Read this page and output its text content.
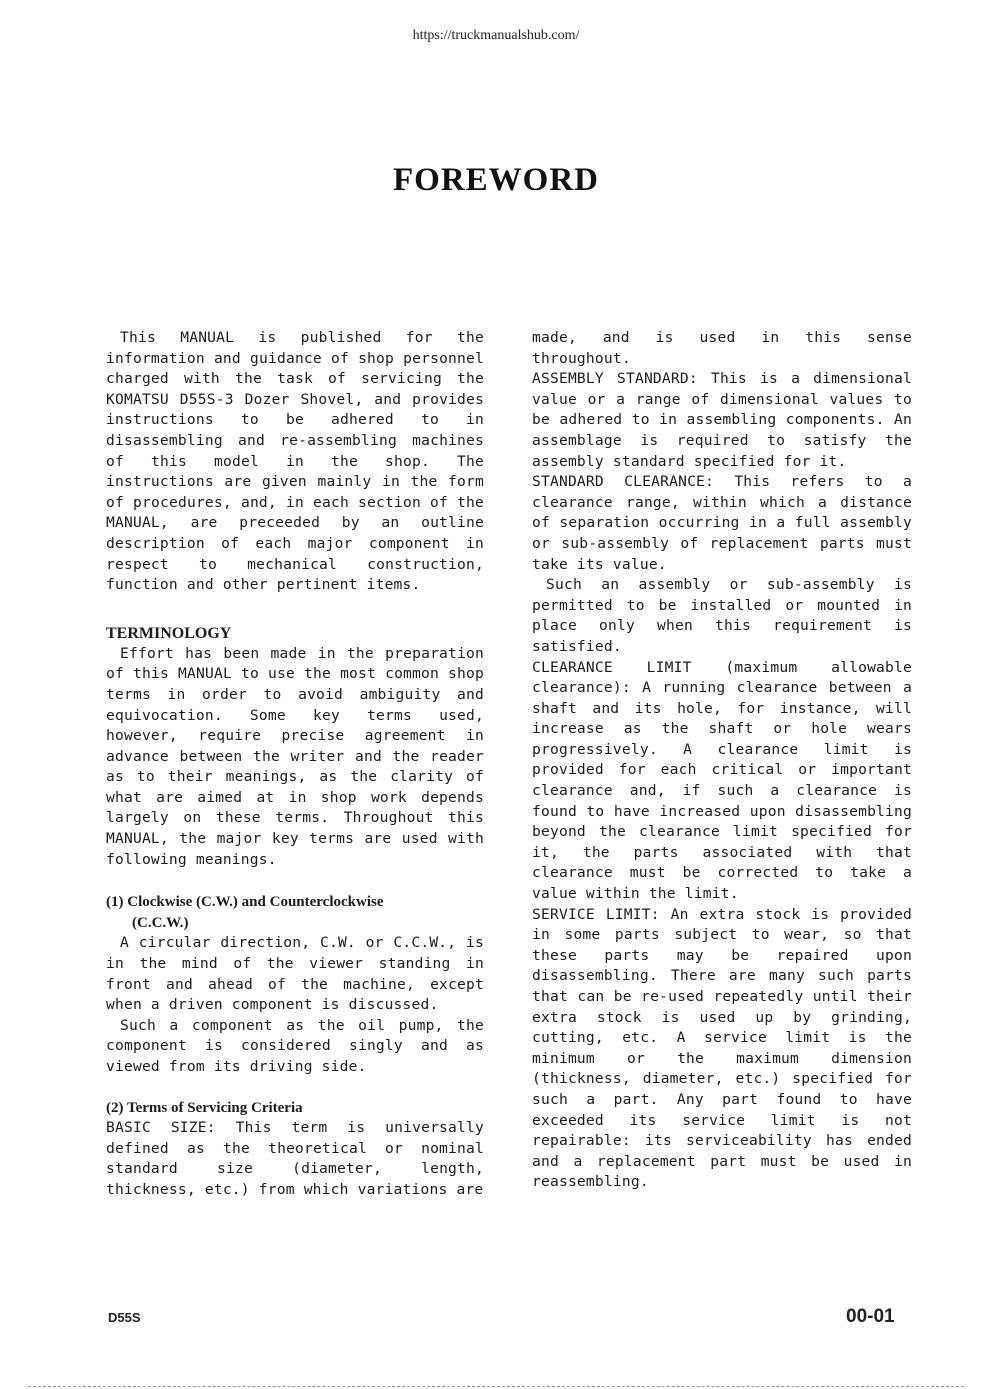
https://truckmanualshub.com/
FOREWORD

This MANUAL is published for the information and guidance of shop personnel charged with the task of servicing the KOMATSU D55S-3 Dozer Shovel, and provides instructions to be adhered to in disassembling and re-assembling machines of this model in the shop. The instructions are given mainly in the form of procedures, and, in each section of the MANUAL, are preceeded by an outline description of each major component in respect to mechanical construction, function and other pertinent items.

TERMINOLOGY

Effort has been made in the preparation of this MANUAL to use the most common shop terms in order to avoid ambiguity and equivocation. Some key terms used, however, require precise agreement in advance between the writer and the reader as to their meanings, as the clarity of what are aimed at in shop work depends largely on these terms. Throughout this MANUAL, the major key terms are used with following meanings.

(1) Clockwise (C.W.) and Counterclockwise
(C.C.W.)

A circular direction, C.W. or C.C.W., is in the mind of the viewer standing in front and ahead of the machine, except when a driven component is discussed.

Such a component as the oil pump, the component is considered singly and as viewed from its driving side.

(2) Terms of Servicing Criteria

BASIC SIZE: This term is universally defined as the theoretical or nominal standard size (diameter, length, thickness, etc.) from which variations are

made, and is used in this sense throughout.

ASSEMBLY STANDARD: This is a dimensional value or a range of dimensional values to be adhered to in assembling components. An assemblage is required to satisfy the assembly standard specified for it.

STANDARD CLEARANCE: This refers to a clearance range, within which a distance of separation occurring in a full assembly or sub-assembly of replacement parts must take its value.

Such an assembly or sub-assembly is permitted to be installed or mounted in place only when this requirement is satisfied.

CLEARANCE LIMIT (maximum allowable clearance): A running clearance between a shaft and its hole, for instance, will increase as the shaft or hole wears progressively. A clearance limit is provided for each critical or important clearance and, if such a clearance is found to have increased upon disassembling beyond the clearance limit specified for it, the parts associated with that clearance must be corrected to take a value within the limit.

SERVICE LIMIT: An extra stock is provided in some parts subject to wear, so that these parts may be repaired upon disassembling. There are many such parts that can be re-used repeatedly until their extra stock is used up by grinding, cutting, etc. A service limit is the minimum or the maximum dimension (thickness, diameter, etc.) specified for such a part. Any part found to have exceeded its service limit is not repairable: its serviceability has ended and a replacement part must be used in reassembling.

D55S	00-01
